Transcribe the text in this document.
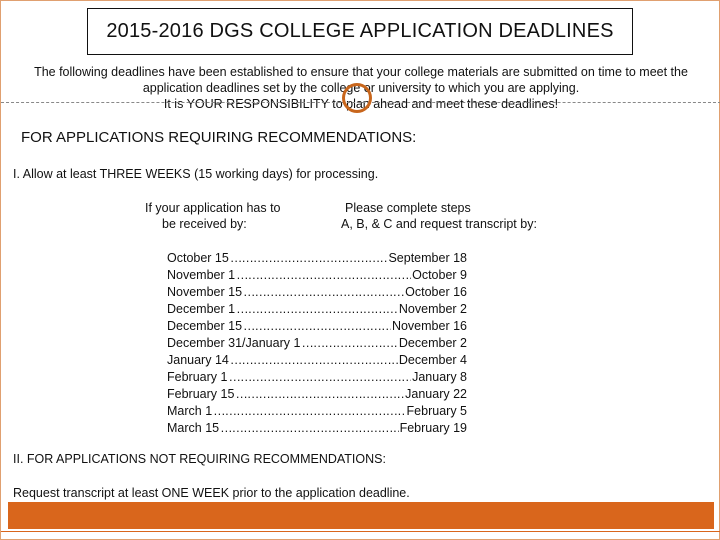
2015-2016 DGS COLLEGE APPLICATION DEADLINES
The following deadlines have been established to ensure that your college materials are submitted on time to meet the
application deadlines set by the college or university to which you are applying.
It is YOUR RESPONSIBILITY to plan ahead and meet these deadlines!
FOR APPLICATIONS REQUIRING RECOMMENDATIONS:
I. Allow at least THREE WEEKS (15 working days) for processing.
If your application has to
be received by:
Please complete steps
A, B, & C and request transcript by:
October 15 ……………………………………………………………………………………	September 18
November 1 ……………………………………………………………………………………	October 9
November 15 ……………………………………………………………………………………	October 16
December 1 ……………………………………………………………………………………	November 2
December 15 ……………………………………………………………………………………	November 16
December 31/January 1 ……………………………………………………………………………………	December 2
January 14 ……………………………………………………………………………………	December 4
February 1 ……………………………………………………………………………………	January 8
February 15 ……………………………………………………………………………………	January 22
March 1 ……………………………………………………………………………………	February 5
March 15 ……………………………………………………………………………………	February 19
II. FOR APPLICATIONS NOT REQUIRING RECOMMENDATIONS:
Request transcript at least ONE WEEK prior to the application deadline.
